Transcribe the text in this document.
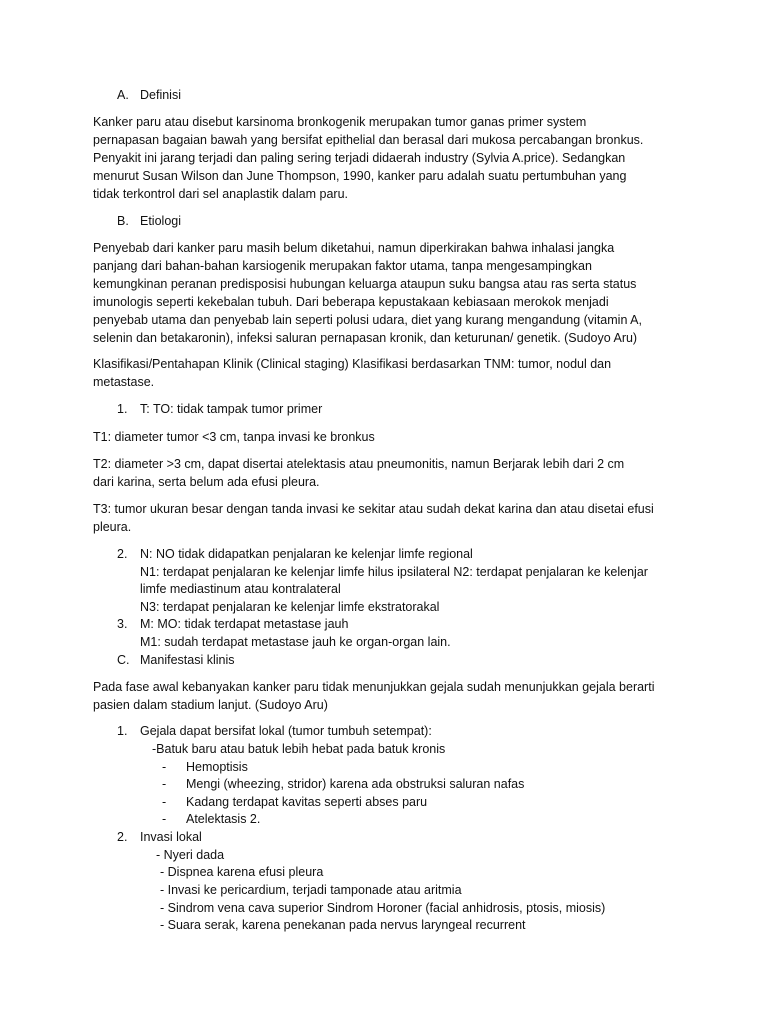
A. Definisi
Kanker paru atau disebut karsinoma bronkogenik merupakan tumor ganas primer system
pernapasan bagaian bawah yang bersifat epithelial dan berasal dari mukosa percabangan bronkus.
Penyakit ini jarang terjadi dan paling sering terjadi didaerah industry (Sylvia A.price). Sedangkan
menurut Susan Wilson dan June Thompson, 1990, kanker paru adalah suatu pertumbuhan yang
tidak terkontrol dari sel anaplastik dalam paru.
B. Etiologi
Penyebab dari kanker paru masih belum diketahui, namun diperkirakan bahwa inhalasi jangka
panjang dari bahan-bahan karsiogenik merupakan faktor utama, tanpa mengesampingkan
kemungkinan peranan predisposisi hubungan keluarga ataupun suku bangsa atau ras serta status
imunologis seperti kekebalan tubuh. Dari beberapa kepustakaan kebiasaan merokok menjadi
penyebab utama dan penyebab lain seperti polusi udara, diet yang kurang mengandung (vitamin A,
selenin dan betakaronin), infeksi saluran pernapasan kronik, dan keturunan/ genetik. (Sudoyo Aru)
Klasifikasi/Pentahapan Klinik (Clinical staging) Klasifikasi berdasarkan TNM: tumor, nodul dan
metastase.
1. T: TO: tidak tampak tumor primer
T1: diameter tumor <3 cm, tanpa invasi ke bronkus
T2: diameter >3 cm, dapat disertai atelektasis atau pneumonitis, namun Berjarak lebih dari 2 cm
dari karina, serta belum ada efusi pleura.
T3: tumor ukuran besar dengan tanda invasi ke sekitar atau sudah dekat karina dan atau disetai efusi
pleura.
2. N: NO tidak didapatkan penjalaran ke kelenjar limfe regional
N1: terdapat penjalaran ke kelenjar limfe hilus ipsilateral N2: terdapat penjalaran ke kelenjar
limfe mediastinum atau kontralateral
N3: terdapat penjalaran ke kelenjar limfe ekstratorakal
3. M: MO: tidak terdapat metastase jauh
M1: sudah terdapat metastase jauh ke organ-organ lain.
C. Manifestasi klinis
Pada fase awal kebanyakan kanker paru tidak menunjukkan gejala sudah menunjukkan gejala berarti
pasien dalam stadium lanjut. (Sudoyo Aru)
1. Gejala dapat bersifat lokal (tumor tumbuh setempat):
-Batuk baru atau batuk lebih hebat pada batuk kronis
- Hemoptisis
- Mengi (wheezing, stridor) karena ada obstruksi saluran nafas
- Kadang terdapat kavitas seperti abses paru
- Atelektasis 2.
2. Invasi lokal
- Nyeri dada
- Dispnea karena efusi pleura
- Invasi ke pericardium, terjadi tamponade atau aritmia
- Sindrom vena cava superior Sindrom Horoner (facial anhidrosis, ptosis, miosis)
- Suara serak, karena penekanan pada nervus laryngeal recurrent
